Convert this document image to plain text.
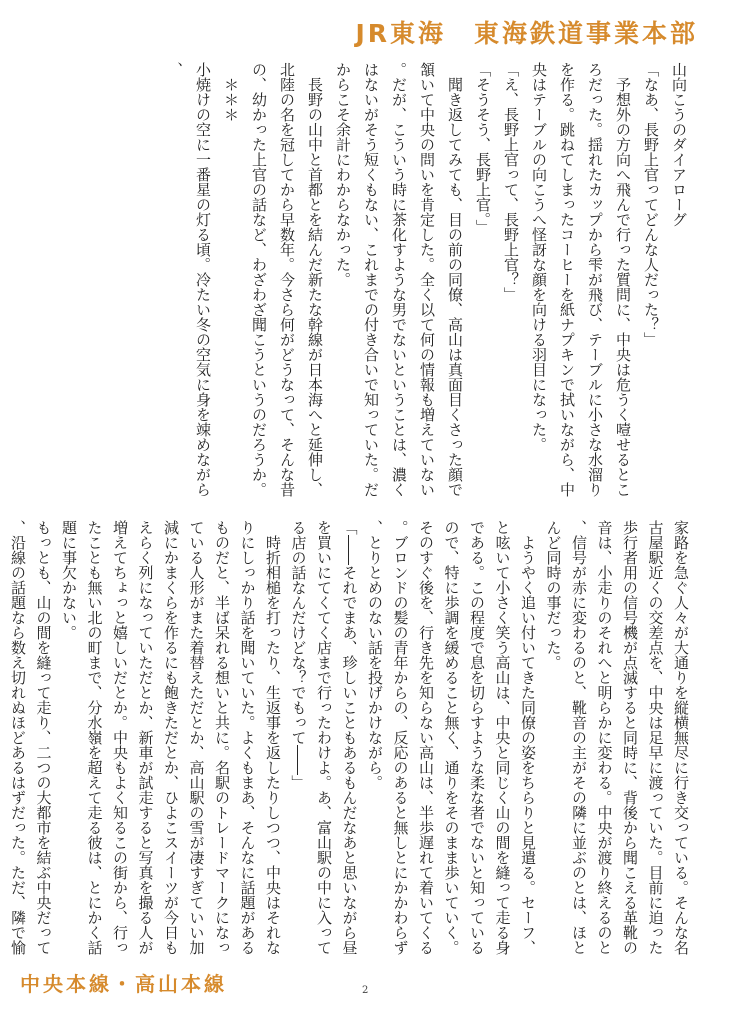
JR東海　東海鉄道事業本部

山向こうのダイアローグ

「なあ、長野上官ってどんな人だった？」

予想外の方向へ飛んで行った質問に、中央は危うく噎せるところだった。揺れたカップから雫が飛び、テーブルに小さな水溜りを作る。跳ねてしまったコーヒーを紙ナプキンで拭いながら、中央はテーブルの向こうへ怪訝な顔を向ける羽目になった。

「え、長野上官って、長野上官？」

「そうそう、長野上官。」

聞き返してみても、目の前の同僚、高山は真面目くさった顔で頷いて中央の問いを肯定した。全く以て何の情報も増えていない。だが、こういう時に茶化すような男でないということは、濃くはないがそう短くもない、これまでの付き合いで知っていた。だからこそ余計にわからなかった。

長野の山中と首都とを結んだ新たな幹線が日本海へと延伸し、北陸の名を冠してから早数年。今さら何がどうなって、そんな昔の、幼かった上官の話など、わざわざ聞こうというのだろうか。

＊＊＊

小焼けの空に一番星の灯る頃。冷たい冬の空気に身を竦めながら、

家路を急ぐ人々が大通りを縦横無尽に行き交っている。そんな名古屋駅近くの交差点を、中央は足早に渡っていた。目前に迫った歩行者用の信号機が点滅すると同時に、背後から聞こえる革靴の音は、小走りのそれへと明らかに変わる。中央が渡り終えるのと、信号が赤に変わるのと、靴音の主がその隣に並ぶのとは、ほとんど同時の事だった。

ようやく追い付いてきた同僚の姿をちらりと見遣る。セーフ、と呟いて小さく笑う高山は、中央と同じく山の間を縫って走る身である。この程度で息を切らすような柔な者でないと知っているので、特に歩調を緩めること無く、通りをそのまま歩いていく。そのすぐ後を、行き先を知らない高山は、半歩遅れて着いてくる。ブロンドの髪の青年からの、反応のあると無しとにかかわらず、とりとめのない話を投げかけながら。

「――それでまあ、珍しいこともあるもんだなあと思いながら昼を買いにてくてく店まで行ったわけよ。あ、富山駅の中に入ってる店の話なんだけどな？でもって――」

時折相槌を打ったり、生返事を返したりしつつ、中央はそれなりにしっかり話を聞いていた。よくもまあ、そんなに話題があるものだと、半ば呆れる想いと共に。名駅のトレードマークになっている人形がまた着替えただとか、高山駅の雪が凄すぎていい加減にかまくらを作るにも飽きただとか、ひよこスイーツが今日もえらく列になっていただとか、新車が試走すると写真を撮る人が増えてちょっと嬉しいだとか。中央もよく知るこの街から、行ったことも無い北の町まで、分水嶺を超えて走る彼は、とにかく話題に事欠かない。

もっとも、山の間を縫って走り、二つの大都市を結ぶ中央だって、沿線の話題なら数え切れぬほどあるはずだった。ただ、隣で愉

中央本線・高山本線	2
